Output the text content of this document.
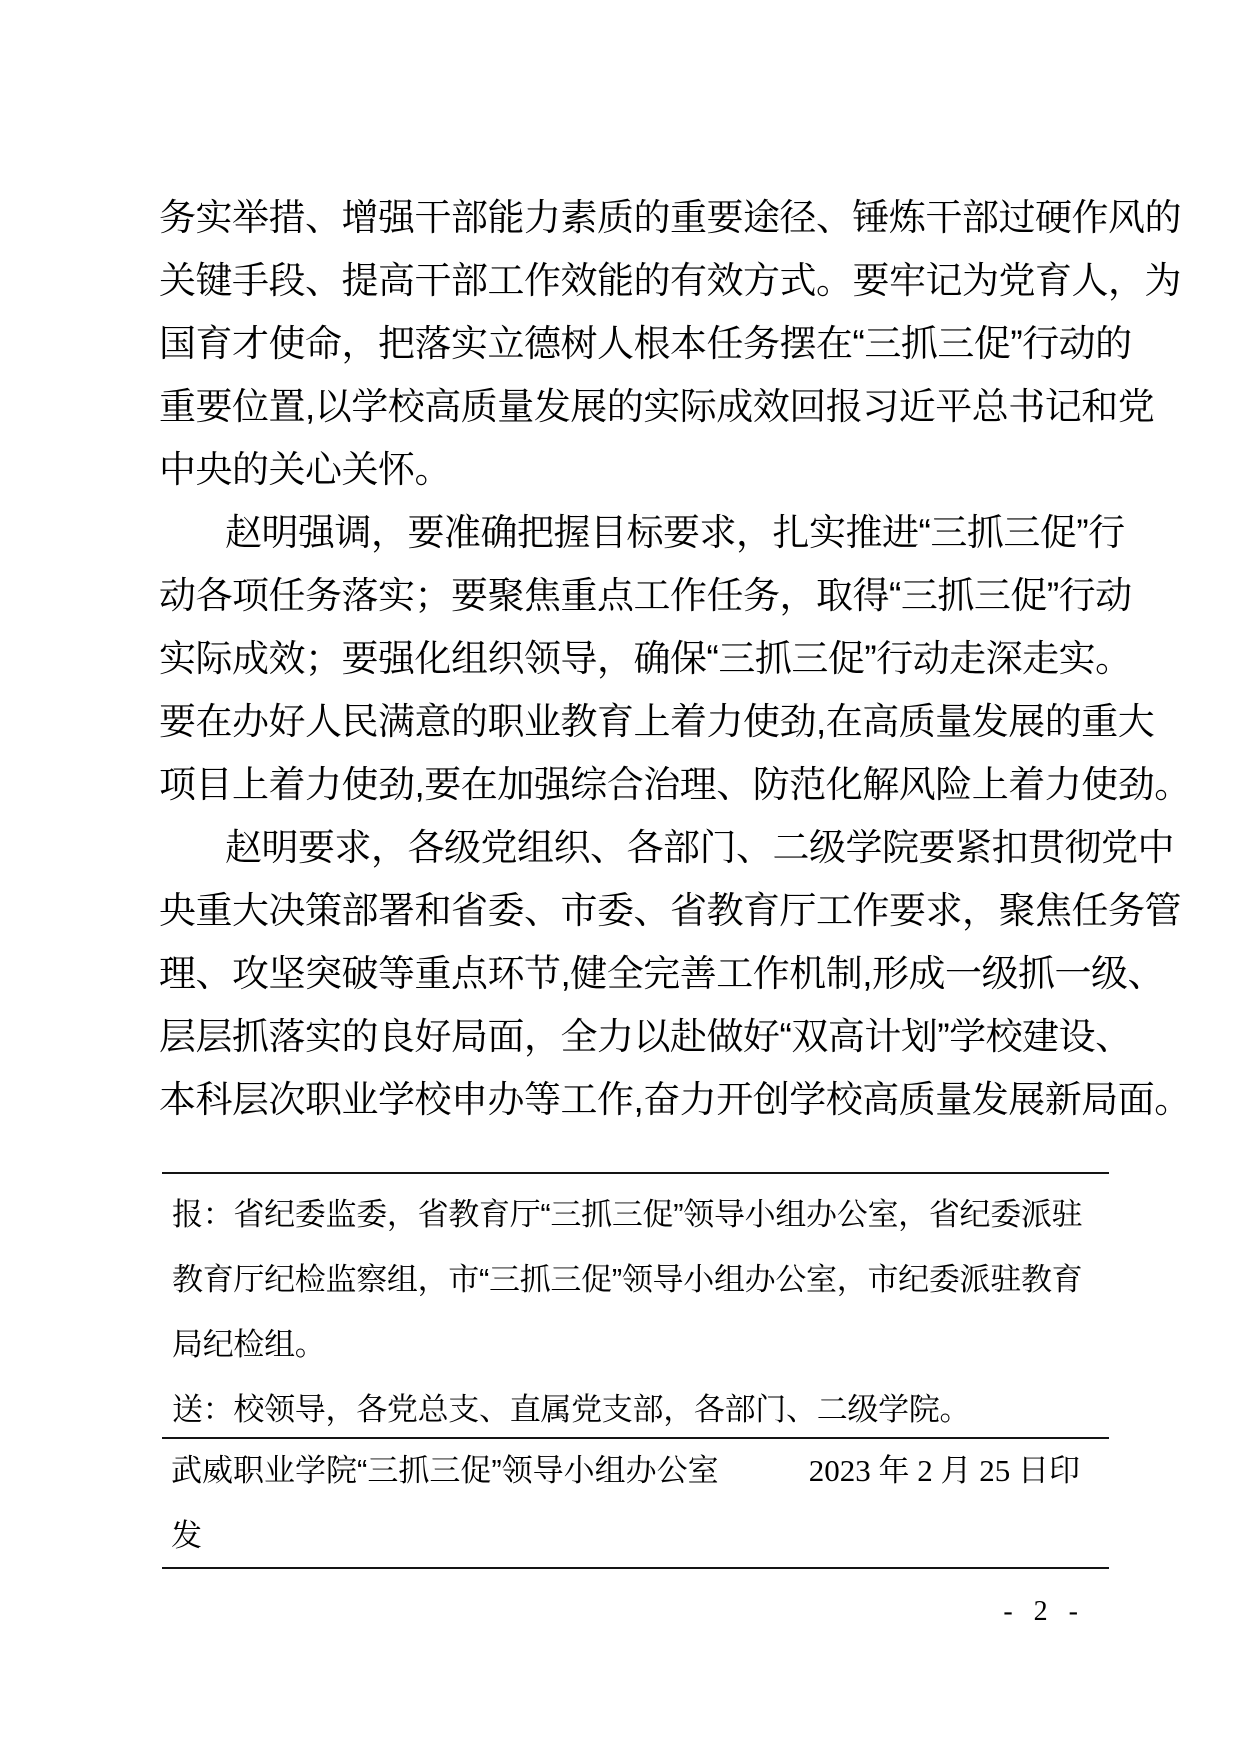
务实举措、增强干部能力素质的重要途径、锤炼干部过硬作风的
关键手段、提高干部工作效能的有效方式。要牢记为党育人，为
国育才使命，把落实立德树人根本任务摆在“三抓三促”行动的
重要位置,以学校高质量发展的实际成效回报习近平总书记和党
中央的关心关怀。
赵明强调，要准确把握目标要求，扎实推进“三抓三促”行
动各项任务落实；要聚焦重点工作任务，取得“三抓三促”行动
实际成效；要强化组织领导，确保“三抓三促”行动走深走实。
要在办好人民满意的职业教育上着力使劲,在高质量发展的重大
项目上着力使劲,要在加强综合治理、防范化解风险上着力使劲。
赵明要求，各级党组织、各部门、二级学院要紧扣贯彻党中
央重大决策部署和省委、市委、省教育厅工作要求，聚焦任务管
理、攻坚突破等重点环节,健全完善工作机制,形成一级抓一级、
层层抓落实的良好局面，全力以赴做好“双高计划”学校建设、
本科层次职业学校申办等工作,奋力开创学校高质量发展新局面。
报：省纪委监委，省教育厅“三抓三促”领导小组办公室，省纪委派驻
教育厅纪检监察组，市“三抓三促”领导小组办公室，市纪委派驻教育
局纪检组。
送：校领导，各党总支、直属党支部，各部门、二级学院。
武威职业学院“三抓三促”领导小组办公室	2023 年 2 月 25 日印
发
- 2 -
